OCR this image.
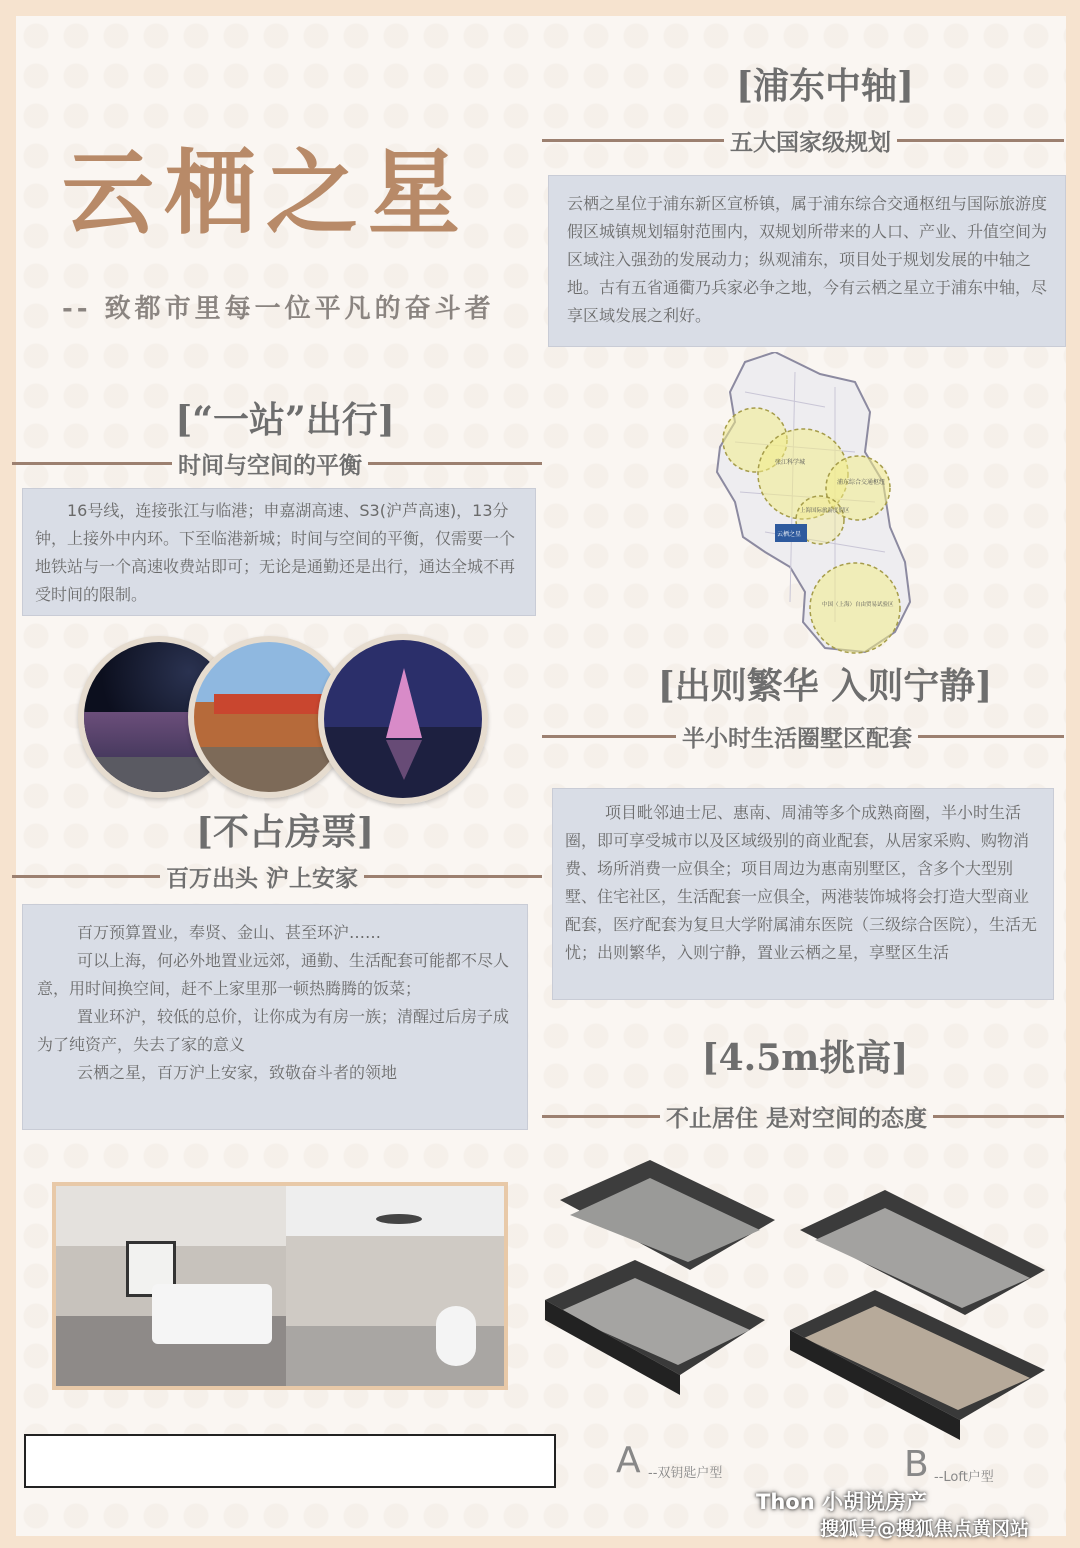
云栖之星
-- 致都市里每一位平凡的奋斗者
[浦东中轴]
五大国家级规划

云栖之星位于浦东新区宣桥镇，属于浦东综合交通枢纽与国际旅游度假区城镇规划辐射范围内，双规划所带来的人口、产业、升值空间为区域注入强劲的发展动力；纵观浦东，项目处于规划发展的中轴之地。古有五省通衢乃兵家必争之地，今有云栖之星立于浦东中轴，尽享区域发展之利好。

云栖之星
张江科学城
浦东综合交通枢纽
上海国际旅游度假区
中国（上海）自由贸易试验区
[“一站”出行]
时间与空间的平衡

16号线，连接张江与临港；申嘉湖高速、S3(沪芦高速)，13分钟，上接外中内环。下至临港新城；时间与空间的平衡，仅需要一个地铁站与一个高速收费站即可；无论是通勤还是出行，通达全城不再受时间的限制。

[不占房票]
百万出头 沪上安家

百万预算置业，奉贤、金山、甚至环沪……

可以上海，何必外地置业远郊，通勤、生活配套可能都不尽人意，用时间换空间，赶不上家里那一顿热腾腾的饭菜；

置业环沪，较低的总价，让你成为有房一族；清醒过后房子成为了纯资产，失去了家的意义

云栖之星，百万沪上安家，致敬奋斗者的领地

[出则繁华 入则宁静]
半小时生活圈墅区配套

项目毗邻迪士尼、惠南、周浦等多个成熟商圈，半小时生活圈，即可享受城市以及区域级别的商业配套，从居家采购、购物消费、场所消费一应俱全；项目周边为惠南别墅区，含多个大型别墅、住宅社区，生活配套一应俱全，两港装饰城将会打造大型商业配套，医疗配套为复旦大学附属浦东医院（三级综合医院），生活无忧；出则繁华，入则宁静，置业云栖之星，享墅区生活

[4.5m挑高]
不止居住 是对空间的态度
A --双钥匙户型	B --Loft户型
Thon 小胡说房产
搜狐号@搜狐焦点黄冈站
